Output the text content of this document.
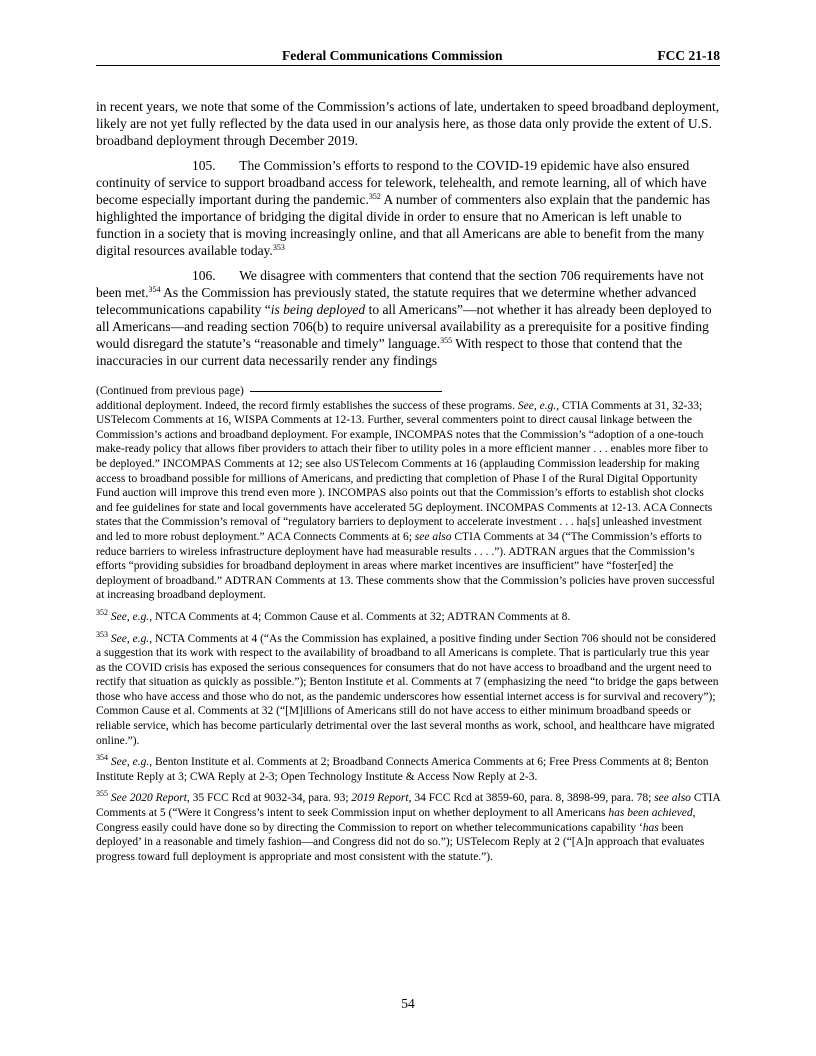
Federal Communications Commission	FCC 21-18

in recent years, we note that some of the Commission’s actions of late, undertaken to speed broadband deployment, likely are not yet fully reflected by the data used in our analysis here, as those data only provide the extent of U.S. broadband deployment through December 2019.

105. The Commission’s efforts to respond to the COVID-19 epidemic have also ensured continuity of service to support broadband access for telework, telehealth, and remote learning, all of which have become especially important during the pandemic.$^{352}$ A number of commenters also explain that the pandemic has highlighted the importance of bridging the digital divide in order to ensure that no American is left unable to function in a society that is moving increasingly online, and that all Americans are able to benefit from the many digital resources available today.$^{353}$

106. We disagree with commenters that contend that the section 706 requirements have not been met.$^{354}$ As the Commission has previously stated, the statute requires that we determine whether advanced telecommunications capability “is being deployed to all Americans”—not whether it has already been deployed to all Americans—and reading section 706(b) to require universal availability as a prerequisite for a positive finding would disregard the statute’s “reasonable and timely” language.$^{355}$ With respect to those that contend that the inaccuracies in our current data necessarily render any findings

(Continued from previous page)

additional deployment. Indeed, the record firmly establishes the success of these programs. See, e.g., CTIA Comments at 31, 32-33; USTelecom Comments at 16, WISPA Comments at 12-13. Further, several commenters point to direct causal linkage between the Commission’s actions and broadband deployment. For example, INCOMPAS notes that the Commission’s “adoption of a one-touch make-ready policy that allows fiber providers to attach their fiber to utility poles in a more efficient manner . . . enables more fiber to be deployed.” INCOMPAS Comments at 12; see also USTelecom Comments at 16 (applauding Commission leadership for making access to broadband possible for millions of Americans, and predicting that completion of Phase I of the Rural Digital Opportunity Fund auction will improve this trend even more ). INCOMPAS also points out that the Commission’s efforts to establish shot clocks and fee guidelines for state and local governments have accelerated 5G deployment. INCOMPAS Comments at 12-13. ACA Connects states that the Commission’s removal of “regulatory barriers to deployment to accelerate investment . . . ha[s] unleashed investment and led to more robust deployment.” ACA Connects Comments at 6; see also CTIA Comments at 34 (“The Commission’s efforts to reduce barriers to wireless infrastructure deployment have had measurable results . . . .”). ADTRAN argues that the Commission’s efforts “providing subsidies for broadband deployment in areas where market incentives are insufficient” have “foster[ed] the deployment of broadband.” ADTRAN Comments at 13. These comments show that the Commission’s policies have proven successful at increasing broadband deployment.

$^{352}$ See, e.g., NTCA Comments at 4; Common Cause et al. Comments at 32; ADTRAN Comments at 8.

$^{353}$ See, e.g., NCTA Comments at 4 (“As the Commission has explained, a positive finding under Section 706 should not be considered a suggestion that its work with respect to the availability of broadband to all Americans is complete. That is particularly true this year as the COVID crisis has exposed the serious consequences for consumers that do not have access to broadband and the urgent need to rectify that situation as quickly as possible.”); Benton Institute et al. Comments at 7 (emphasizing the need “to bridge the gaps between those who have access and those who do not, as the pandemic underscores how essential internet access is for survival and recovery”); Common Cause et al. Comments at 32 (“[M]illions of Americans still do not have access to either minimum broadband speeds or reliable service, which has become particularly detrimental over the last several months as work, school, and healthcare have migrated online.”).

$^{354}$ See, e.g., Benton Institute et al. Comments at 2; Broadband Connects America Comments at 6; Free Press Comments at 8; Benton Institute Reply at 3; CWA Reply at 2-3; Open Technology Institute & Access Now Reply at 2-3.

$^{355}$ See 2020 Report, 35 FCC Rcd at 9032-34, para. 93; 2019 Report, 34 FCC Rcd at 3859-60, para. 8, 3898-99, para. 78; see also CTIA Comments at 5 (“Were it Congress’s intent to seek Commission input on whether deployment to all Americans has been achieved, Congress easily could have done so by directing the Commission to report on whether telecommunications capability ‘has been deployed’ in a reasonable and timely fashion—and Congress did not do so.”); USTelecom Reply at 2 (“[A]n approach that evaluates progress toward full deployment is appropriate and most consistent with the statute.”).

54
